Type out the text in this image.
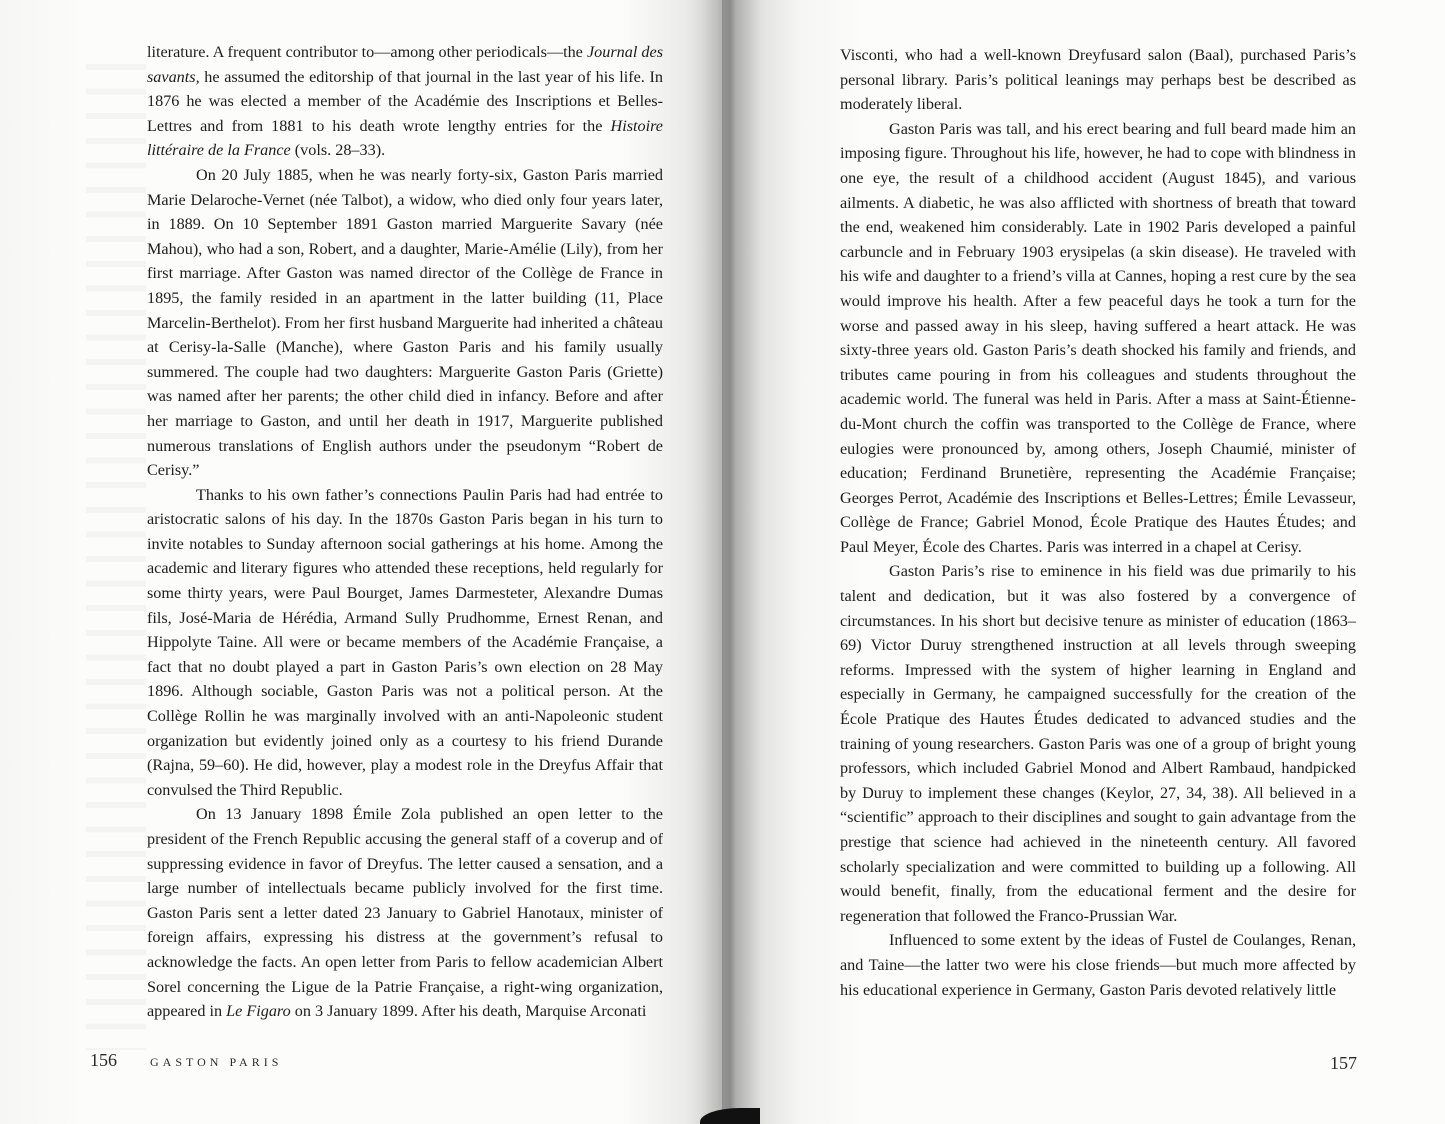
literature. A frequent contributor to—among other periodicals—the Journal des savants, he assumed the editorship of that journal in the last year of his life. In 1876 he was elected a member of the Académie des Inscriptions et Belles-Lettres and from 1881 to his death wrote lengthy entries for the Histoire littéraire de la France (vols. 28–33).

On 20 July 1885, when he was nearly forty-six, Gaston Paris married Marie Delaroche-Vernet (née Talbot), a widow, who died only four years later, in 1889. On 10 September 1891 Gaston married Marguerite Savary (née Mahou), who had a son, Robert, and a daughter, Marie-Amélie (Lily), from her first marriage. After Gaston was named director of the Collège de France in 1895, the family resided in an apartment in the latter building (11, Place Marcelin-Berthelot). From her first husband Marguerite had inherited a château at Cerisy-la-Salle (Manche), where Gaston Paris and his family usually summered. The couple had two daughters: Marguerite Gaston Paris (Griette) was named after her parents; the other child died in infancy. Before and after her marriage to Gaston, and until her death in 1917, Marguerite published numerous translations of English authors under the pseudonym “Robert de Cerisy.”

Thanks to his own father’s connections Paulin Paris had had entrée to aristocratic salons of his day. In the 1870s Gaston Paris began in his turn to invite notables to Sunday afternoon social gatherings at his home. Among the academic and literary figures who attended these receptions, held regularly for some thirty years, were Paul Bourget, James Darmesteter, Alexandre Dumas fils, José-Maria de Hérédia, Armand Sully Prudhomme, Ernest Renan, and Hippolyte Taine. All were or became members of the Académie Française, a fact that no doubt played a part in Gaston Paris’s own election on 28 May 1896. Although sociable, Gaston Paris was not a political person. At the Collège Rollin he was marginally involved with an anti-Napoleonic student organization but evidently joined only as a courtesy to his friend Durande (Rajna, 59–60). He did, however, play a modest role in the Dreyfus Affair that convulsed the Third Republic.

On 13 January 1898 Émile Zola published an open letter to the president of the French Republic accusing the general staff of a coverup and of suppressing evidence in favor of Dreyfus. The letter caused a sensation, and a large number of intellectuals became publicly involved for the first time. Gaston Paris sent a letter dated 23 January to Gabriel Hanotaux, minister of foreign affairs, expressing his distress at the government’s refusal to acknowledge the facts. An open letter from Paris to fellow academician Albert Sorel concerning the Ligue de la Patrie Française, a right-wing organization, appeared in Le Figaro on 3 January 1899. After his death, Marquise Arconati

156	GASTON PARIS

Visconti, who had a well-known Dreyfusard salon (Baal), purchased Paris’s personal library. Paris’s political leanings may perhaps best be described as moderately liberal.

Gaston Paris was tall, and his erect bearing and full beard made him an imposing figure. Throughout his life, however, he had to cope with blindness in one eye, the result of a childhood accident (August 1845), and various ailments. A diabetic, he was also afflicted with shortness of breath that toward the end, weakened him considerably. Late in 1902 Paris developed a painful carbuncle and in February 1903 erysipelas (a skin disease). He traveled with his wife and daughter to a friend’s villa at Cannes, hoping a rest cure by the sea would improve his health. After a few peaceful days he took a turn for the worse and passed away in his sleep, having suffered a heart attack. He was sixty-three years old. Gaston Paris’s death shocked his family and friends, and tributes came pouring in from his colleagues and students throughout the academic world. The funeral was held in Paris. After a mass at Saint-Étienne-du-Mont church the coffin was transported to the Collège de France, where eulogies were pronounced by, among others, Joseph Chaumié, minister of education; Ferdinand Brunetière, representing the Académie Française; Georges Perrot, Académie des Inscriptions et Belles-Lettres; Émile Levasseur, Collège de France; Gabriel Monod, École Pratique des Hautes Études; and Paul Meyer, École des Chartes. Paris was interred in a chapel at Cerisy.

Gaston Paris’s rise to eminence in his field was due primarily to his talent and dedication, but it was also fostered by a convergence of circumstances. In his short but decisive tenure as minister of education (1863–69) Victor Duruy strengthened instruction at all levels through sweeping reforms. Impressed with the system of higher learning in England and especially in Germany, he campaigned successfully for the creation of the École Pratique des Hautes Études dedicated to advanced studies and the training of young researchers. Gaston Paris was one of a group of bright young professors, which included Gabriel Monod and Albert Rambaud, handpicked by Duruy to implement these changes (Keylor, 27, 34, 38). All believed in a “scientific” approach to their disciplines and sought to gain advantage from the prestige that science had achieved in the nineteenth century. All favored scholarly specialization and were committed to building up a following. All would benefit, finally, from the educational ferment and the desire for regeneration that followed the Franco-Prussian War.

Influenced to some extent by the ideas of Fustel de Coulanges, Renan, and Taine—the latter two were his close friends—but much more affected by his educational experience in Germany, Gaston Paris devoted relatively little

157
